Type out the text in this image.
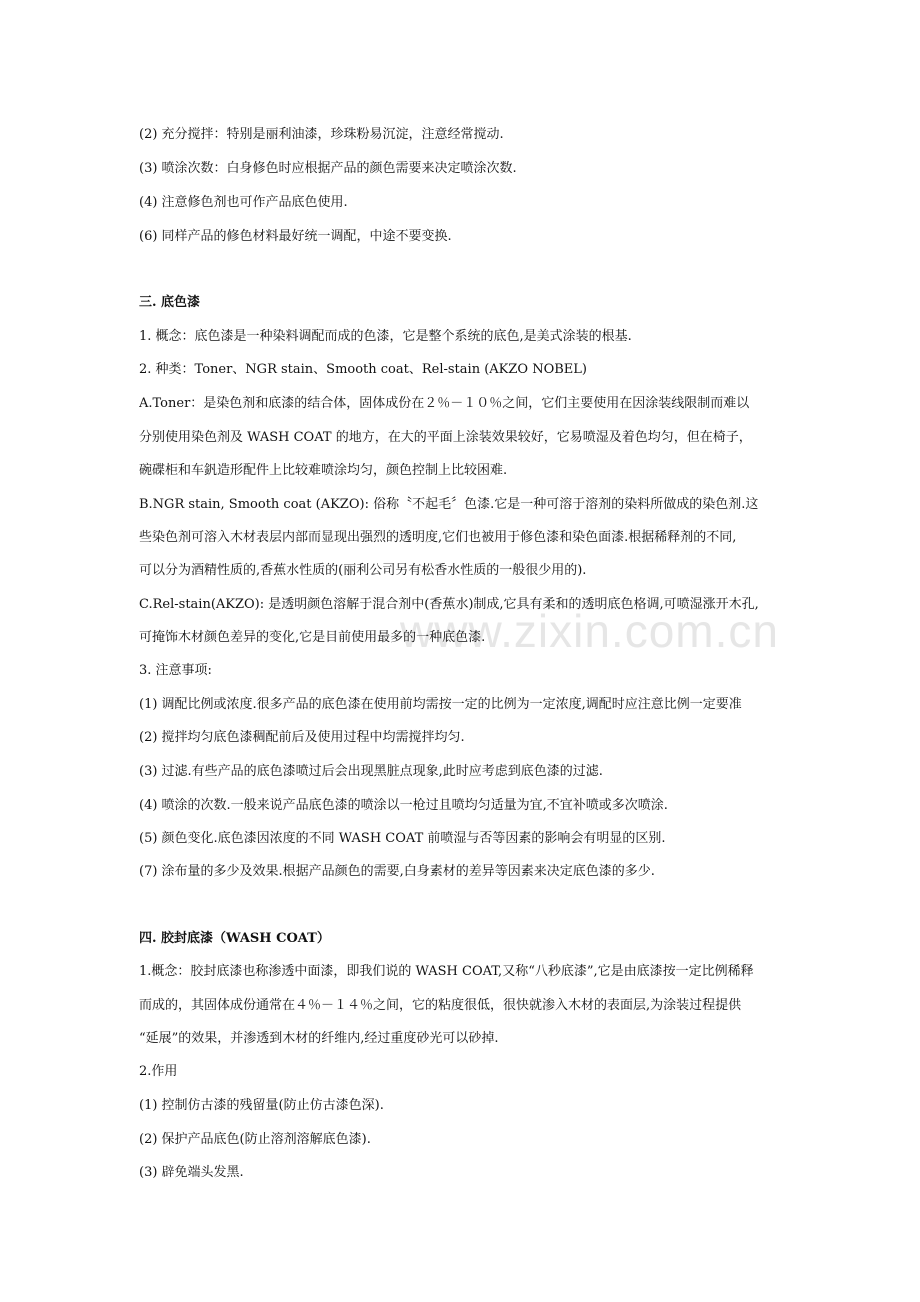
www.zixin.com.cn
(2) 充分搅拌：特别是丽利油漆，珍珠粉易沉淀，注意经常搅动.
(3) 喷涂次数：白身修色时应根据产品的颜色需要来决定喷涂次数.
(4) 注意修色剂也可作产品底色使用.
(6) 同样产品的修色材料最好统一调配，中途不要变换.
三. 底色漆
1. 概念：底色漆是一种染料调配而成的色漆，它是整个系统的底色,是美式涂装的根基.
2. 种类：Toner、NGR stain、Smooth coat、Rel-stain (AKZO NOBEL)
A.Toner：是染色剂和底漆的结合体，固体成份在２％－１０％之间，它们主要使用在因涂装线限制而难以
分别使用染色剂及 WASH COAT 的地方，在大的平面上涂装效果较好，它易喷湿及着色均匀，但在椅子，
碗碟柜和车釩造形配件上比较难喷涂均匀，颜色控制上比较困难.
B.NGR stain, Smooth coat (AKZO): 俗称〝不起毛〞色漆.它是一种可溶于溶剂的染料所做成的染色剂.这
些染色剂可溶入木材表层内部而显现出强烈的透明度,它们也被用于修色漆和染色面漆.根据稀释剂的不同,
可以分为酒精性质的,香蕉水性质的(丽利公司另有松香水性质的一般很少用的).
C.Rel-stain(AKZO): 是透明颜色溶解于混合剂中(香蕉水)制成,它具有柔和的透明底色格调,可喷湿涨开木孔,
可掩饰木材颜色差异的变化,它是目前使用最多的一种底色漆.
3. 注意事项:
(1) 调配比例或浓度.很多产品的底色漆在使用前均需按一定的比例为一定浓度,调配时应注意比例一定要准
(2) 搅拌均匀底色漆稠配前后及使用过程中均需搅拌均匀.
(3) 过滤.有些产品的底色漆喷过后会出现黑脏点现象,此时应考虑到底色漆的过滤.
(4) 喷涂的次数.一般来说产品底色漆的喷涂以一枪过且喷均匀适量为宜,不宜补喷或多次喷涂.
(5) 颜色变化.底色漆因浓度的不同 WASH COAT 前喷湿与否等因素的影响会有明显的区别.
(7) 涂布量的多少及效果.根据产品颜色的需要,白身素材的差异等因素来决定底色漆的多少.
四. 胶封底漆（WASH COAT）
1.概念：胶封底漆也称渗透中面漆，即我们说的 WASH COAT,又称“八秒底漆”,它是由底漆按一定比例稀释
而成的，其固体成份通常在４％－１４％之间，它的粘度很低，很快就渗入木材的表面层,为涂装过程提供
“延展”的效果，并渗透到木材的纤维内,经过重度砂光可以砂掉.
2.作用
(1) 控制仿古漆的残留量(防止仿古漆色深).
(2) 保护产品底色(防止溶剂溶解底色漆).
(3) 辟免端头发黑.
